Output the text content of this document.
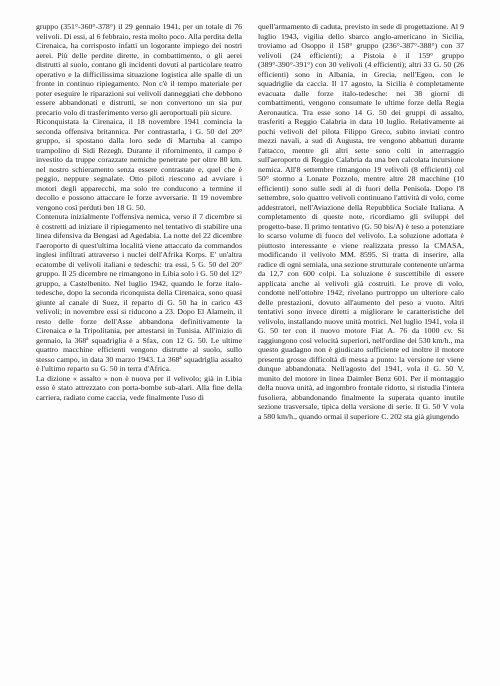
gruppo (351°-360°-378°) il 29 gennaio 1941, per un totale di 76 velivoli. Di essi, al 6 febbraio, resta molto poco. Alla perdita della Cirenaica, ha corrisposto infatti un logorante impiego dei nostri aerei. Più delle perdite dirette, in combattimento, o gli aerei distrutti al suolo, contano gli incidenti dovuti al particolare teatro operativo e la difficilissima situazione logistica alle spalle di un fronte in continuo ripiegamento. Non c'è il tempo materiale per poter eseguire le riparazioni sui velivoli danneggiati che debbono essere abbandonati e distrutti, se non convertono un sia pur precario volo di trasferimento verso gli aeroportuali più sicure.

Riconquistata la Cirenaica, il 18 novembre 1941 comincia la seconda offensiva britannica. Per contrastarla, i G. 50 del 20° gruppo, si spostano dalla loro sede di Martuba al campo trampolino di Sidi Rezegh. Durante il rifornimento, il campo è investito da truppe corazzate nemiche penetrate per oltre 80 km. nel nostro schieramento senza essere contrastate e, quel che è peggio, neppure segnalate. Otto piloti riescono ad avviare i motori degli apparecchi, ma solo tre conducono a termine il decollo e possono attaccare le forze avversarie. Il 19 novembre vengono così perduti ben 18 G. 50.

Contenuta inizialmente l'offensiva nemica, verso il 7 dicembre si è costretti ad iniziare il ripiegamento nel tentativo di stabilire una linea difensiva da Bengasi ad Agedabia. La notte del 22 dicembre l'aeroporto di quest'ultima località viene attaccato da commandos inglesi infiltrati attraverso i nuclei dell'Afrika Korps. E' un'altra ecatombe di velivoli italiani e tedeschi: tra essi, 5 G. 50 del 20° gruppo. Il 25 dicembre ne rimangono in Libia solo i G. 50 del 12° gruppo, a Castelbenito. Nel luglio 1942, quando le forze italo-tedesche, dopo la seconda riconquista della Cirenaica, sono quasi giunte al canale di Suez, il reparto di G. 50 ha in carico 43 velivoli; in novembre essi si riducono a 23. Dopo El Alamein, il resto delle forze dell'Asse abbandona definitivamente la Cirenaica e la Tripolitania, per attestarsi in Tunisia. All'inizio di gennaio, la 368ª squadriglia è a Sfax, con 12 G. 50. Le ultime quattro macchine efficienti vengono distrutte al suolo, sullo stesso campo, in data 30 marzo 1943. La 368ª squadriglia assalto è l'ultimo reparto su G. 50 in terra d'Africa.

La dizione « assalto » non è nuova per il velivolo; già in Libia esso è stato attrezzato con porta-bombe sub-alari. Alla fine della carriera, radiato come caccia, vede finalmente l'uso di

quell'armamento di caduta, previsto in sede di progettazione. Al 9 luglio 1943, vigilia dello sbarco anglo-americano in Sicilia, troviamo ad Osoppo il 158° gruppo (236°-387°-388°) con 37 velivoli (24 efficienti); a Pistoia è il 159° gruppo (389°-390°-391°) con 30 velivoli (4 efficienti); altri 33 G. 50 (26 efficienti) sono in Albania, in Grecia, nell'Egeo, con le squadriglie da caccia. Il 17 agosto, la Sicilia è completamente evacuata dalle forze italo-tedesche: nei 38 giorni di combattimenti, vengono consumate le ultime forze della Regia Aeronautica. Tra esse sono 14 G. 50 dei gruppi di assalto, trasferiti a Reggio Calabria in data 10 luglio. Relativamente ai pochi velivoli del pilota Filippo Greco, subito inviati contro mezzi navali, a sud di Augusta, tre vengono abbattuti durante l'attacco, mentre gli altri sette sono colti in atterraggio sull'aeroporto di Reggio Calabria da una ben calcolata incursione nemica. All'8 settembre rimangono 19 velivoli (8 efficienti) col 50° stormo a Lonate Pozzolo, mentre altre 28 macchine (10 efficienti) sono sulle sedi al di fuori della Penisola. Dopo l'8 settembre, solo quattro velivoli continuano l'attività di volo, come addestratori, nell'Aviazione della Repubblica Sociale Italiana. A completamento di queste note, ricordiamo gli sviluppi del progetto-base. Il primo tentativo (G. 50 bis/A) è teso a potenziare lo scarso volume di fuoco del velivolo. La soluzione adottata è piuttosto interessante e viene realizzata presso la CMASA, modificando il velivolo MM. 8595. Si tratta di inserire, alla radice di ogni semiala, una sezione strutturale contenente un'arma da 12,7 con 600 colpi. La soluzione è suscettibile di essere applicata anche ai velivoli già costruiti. Le prove di volo, condotte nell'ottobre 1942, rivelano purtroppo un ulteriore calo delle prestazioni, dovuto all'aumento del peso a vuoto. Altri tentativi sono invece diretti a migliorare le caratteristiche del velivolo, installando nuove unità motrici. Nel luglio 1941, vola il G. 50 ter con il nuovo motore Fiat A. 76 da 1000 cv. Si raggiungono così velocità superiori, nell'ordine dei 530 km/h., ma questo guadagno non è giudicato sufficiente ed inoltre il motore presenta grosse difficoltà di messa a punto: la versione ter viene dunque abbandonata. Nell'agosto del 1941, vola il G. 50 V, munito del motore in linea Daimler Benz 601. Per il montaggio della nuova unità, ad ingombro frontale ridotto, si ristudia l'intera fusoliera, abbandonando finalmente la superata quanto inutile sezione trasversale, tipica della versione di serie. Il G. 50 V vola a 580 km/h., quando ormai il superiore C. 202 sta già giungendo
